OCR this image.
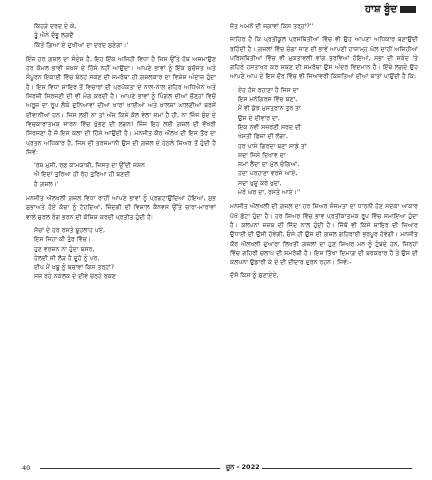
ਹਾਸ਼ ਬੂੰਦ
ਕਿਹੜੇ ਦਰਦ ਦੇ ਕੇ,
ਤੂੰ ਐਨੇ ਦੰਭੂ ਲਗਦੈਂ
ਕਿੱਤੇ ਗ਼ਿਆ ਏ ਦੁਖੀਆਂ ਦਾ ਦਰਦ ਸੁਣੇਗਾ।'

ਇੰਜ ਹਰ ਗ਼ਜ਼ਲ ਦਾ ਸੰਦੇਸ਼ ਹੈ, ਇਹ ਇੱਕ ਅਜਿਹੀ ਵਿਧਾ ਹੈ ਜਿਸ ਉੱਤੇ ਹੱਥ ਅਜ਼ਮਾਉਣ ਹਰ ਕੋਮਲ ਭਾਵੀ ਸ਼ਖ਼ਸ ਦੇ ਹਿੱਸੇ ਨਹੀਂ ਆਉਂਦਾ। ਆਪਣੇ ਭਾਵਾਂ ਨੂੰ ਇੱਕ ਸੁਚੱਜਤ ਅਤੇ ਸੰਪੂਰਨ ਇਕਾਈ ਵਿੱਚ ਬੰਨ੍ਹ ਸਕਣ ਦੀ ਸਮਰੱਥਾ ਹੀ ਗ਼ਜ਼ਲਕਾਰ ਦਾ ਵਿਸ਼ੇਸ਼ ਅੰਦਾਜ਼ ਹੁੰਦਾ ਹੈ। ਇਸ ਵਿਧਾ ਸ਼ਾਇਰ ਤੋਂ ਵਿਚਾਰਾਂ ਦੀ ਪ੍ਰਪੱਕਤਾ ਦੇ ਨਾਲ-ਨਾਲ ਗਹਿਰ ਅਧਿਐਨ ਅਤੇ ਸਿਰਜ਼ੀ ਸਿਰਜਣੀ ਦੀ ਵੀ ਮੰਗ ਕਰਦੀ ਹੈ। ਆਪਣੇ ਭਾਵਾਂ ਨੂੰ ਪਿੰਗਲ ਦੀਆਂ ਚੌਣ੍ਹਾਂ ਵਿਚੋਂ ਅਰੂਜ਼ ਦਾ ਰੂਪ ਲੈਕੇ ਦੁਨਿਆਵਾਂ ਦੀਆਂ ਖਾਰਾਂ ਖਾਈਆਂ ਅਤੇ ਖਾਲਸਾ ਘਾਲਣੀਆਂ ਬਰਜੇਂ ਦੀਵਾਨੀਆਂ ਹਨ। ਜਿਸ ਲਈ ਨਾ ਤਾਂ ਅੱਜ ਕਿਸੇ ਕੋਲ ਵੇਲਾ ਸਮਾਂ ਹੈ ਹੀ, ਨਾ ਜਿੰਜ ਸੁੰਦ ਦੇ ਵਿਚਕਾਰਾਤਮਕ ਜਾਰਨ ਵਿੱਚ ਖੁੱਭਣ ਦੀ ਲਗਨ! ਜਿੰਜ ਇਹ ਲਈ ਗ਼ਜ਼ਲ ਦੀ ਵੱਖਰੀ ਸਿਰਜਣਾ ਹੈ ਜੋ ਇਸ ਕਲਾ ਦੀ ਹਿੱਸੇ ਆਉਂਦੀ ਹੈ। ਮਨਜੀਤ ਕੌਰ ਔਲਖ ਦੀ ਇਸ ਤੌਰ ਦਾ ਪ੍ਰਤਨ ਅਧਿਕਾਰ ਹੈ, ਜਿਸ ਦੀ ਤਰਜਮਾਨੀ ਉਸ ਦੀ ਗ਼ਜ਼ਲ ਦੇ ਹੇਠਲੇ ਸ਼ਿਅਰ ਤੋਂ ਹੁੰਦੀ ਹੈ ਜਿਵੇਂ:

'ਰਬ ਮੁਸੀ, ਰਫ਼ ਕਾਮਯਾਬੀ, ਜਿਸਤ ਦਾ ਉੱਦੀ ਜਸ਼ਨ
ਐ ਇਦਾਂ ਤੁਰਿਆ ਹੀ ਰੋਹ ਤੁਰਿਆ ਹੀ ਬਣਦੀ
ਹੈ ਗ਼ਜ਼ਲ।'

ਮਨਜੀਤ ਔਲਖਲੀ ਗ਼ਜ਼ਲ ਵਿਧਾ ਰਾਹੀਂ ਆਪਣੇ ਭਾਵਾਂ ਨੂੰ ਪ੍ਰਗਟਾਉਂਦਿਆਂ ਹੋਇਆਂ, ਸੁਭ ਸ਼ੁਭਾਅਤੇ ਹੋਏ ਕੱਚਾ ਨੂੰ ਟੋਹਦਿਆਂ, ਜ਼ਿੰਦਗੀ ਦੀ ਵਿਸ਼ਾਲ ਕੈਨਵਸ ਉੱਤੇ ਚਾਰਾ-ਮਾਰਾਵਾਂ ਵਾਲੇ ਸੁਰਲ ਰੰਗ ਭਰਨ ਦੀ ਕੋਸ਼ਿਸ਼ ਕਰਦੀ ਪ੍ਰਤੀਤ ਹੁੰਦੀ ਹੈ:

ਸੋਚਾਂ ਦੇ ਹਰ ਰਸਤੇ ਬੂਹਲਾਹ ਪਏ,
ਇਸ ਜਿਹਾ ਕੀ ਤੁੰਰ ਵਿੱਚ।
ਹੁਣ ਵਰਜ਼ਨ ਨਾ ਹੁੰਦਾ ਬਸਰ,
ਹੇਲਦੀ ਜੀ ਲੋੜ ਹੈ ਦੂਹੋ ਨੂੰ ਪਰ,
ਦੀਪ ਮੈਂ ਖ਼ਬੂ ਨੂੰ ਬਚਾਵਾਂ ਕਿਸ ਤਰ੍ਹਾਂ?
ਸਜ ਰਹੇ ਨਕਲਕ ਦੇ ਦੀਵੇ ਚਨ੍ਹੇ ਰਕਣ

ਜੋਤ ਅਮਨੋਂ ਦੀ ਜਗਾਵਾਂ ਕਿਸ ਤਰ੍ਹਾਂ?''

ਜਾਹਿਰ ਹੈ ਕਿ ਪ੍ਰਤੀਕੂਲ ਪ੍ਰਸਥਿਤੀਆਂ ਵਿੱਚ ਵੀ ਉਹ ਆਪਣਾ ਅਧਿਕਾਰ ਬਣਾਉਂਦੀ ਰਹਿੰਦੀ ਹੈ। ਗ਼ਜ਼ਲਾਂ ਵਿੱਚ ਚੰਗਾ ਜਾਣ ਦੀ ਭਾਵੇਂ ਆਪਣੀ ਹਾਜ਼ਾਮ੍ਹ ਘੱਲ ਦਾਹੀਂ ਅਜਿਹੀਆਂ ਪਰਿਸਥਿਤੀਆਂ ਵਿੱਚ ਵੀ ਮੁਕਤਾਵਲੀ ਵਾਂਗ ਤਰਵਿਆਂ ਹੋਇਆਂ, ਸਭਾ ਦੀ ਸਕੰਦ 'ਤੇ ਗਹਿਰੇ ਹਸਤਾਖਰ ਕਰ ਸਕਣ ਦੀ ਸਮਰੱਥਾ ਉਸ ਅੰਦਰ ਵਿਦਮਾਨ ਹੈ। ਇੱਥੇ ਲਗਦੇ ਉਹ ਆਪਣੇ ਆਪ ਦੇ ਇਸ ਦੌਰ ਵਿੱਚ ਵੀ ਜਿਆਵਰੀ ਕਿਸ਼ਤਿਆਂ ਦੀਆਂ ਬਾਤਾਂ ਪਾਉਂਦੀ ਹੈ ਕਿ:

ਏਹ ਹੱਸ ਰਹਾਣਾ ਹੈ ਜਿਸ ਦਾ
ਇਸ ਮਨੋਗਿਰਸ ਵਿੱਚ ਬਣਾ,
ਮੈਂ ਵੀ ਕੁੱਝ ਮੁਸਤ੍ਰਾਨ ਤੁਰ ਤਾਂ
ਉਸ ਦੇ ਦੀਵਾਰ ਦਾ,
ਇਕ ਨਵੀਂ ਸਜਰਣੀ ਸਰਦ ਦੀ
ਖੇਸਤੀ ਫਿਜ਼ਾ ਦੀ ਲੱਗਾ,
ਹਰ ਪਾਸੇ ਗਿਰਦਾ ਬਣਾ ਸਾਡੇ ਤਾਂ
ਸਦਾ ਜਿਸੇ ਦਿਖਾਵ ਦਾ
ਸਮਾਂ ਲੈਂਦਾ ਦਾ ਮੁੱਲ ਚੰਗਿਆਂ,
ਹਦਾ ਪਰਹਾਣਾ ਵਰਜੇ ਆਏ,
ਸਦਾ ਖ਼ੁਸ਼ੂ ਕਰੇ ਖੁਦਾ,
ਮੇਰੇ ਘਰ ਦਾ, ਰਸਤੇ ਆਏ।''

ਮਨਜੀਤ ਔਲਖਲੀ ਦੀ ਗ਼ਜ਼ਲ ਦਾ ਹਰ ਸ਼ਿਅਰ ਸੰਜਮਤਾ ਦਾ ਧਾਰਨੀ ਹੋਣ ਸਦਕਾ ਆਕਾਰ ਪੱਖੋਂ ਛੋਟਾ ਹੁੰਦਾ ਹੈ। ਹਰ ਸ਼ਿਅਰ ਵਿੱਚ ਭਾਵ ਪ੍ਰਤੀਕਾਤਮਕ ਰੂਪ ਵਿੱਚ ਸਮਾਇਆ ਹੁੰਦਾ ਹੈ। ਕਲਪਨਾ ਜ਼ਜ਼ਬ ਦੀ ਜਿੱਦ ਨਾਲ ਹੁੰਦੀ ਹੈ। ਜਿੱਥੋਂ ਵੀ ਕਿਸੇ ਸ਼ਾਇਰ ਦੀ ਜਿਆਰ ਉਧਾਈ ਦੀ ਉਸੀ ਹੋਵੇਗੀ, ਓਸੇ ਹੀ ਉਸ ਦੀ ਗ਼ਜ਼ਲ ਗਹਿਰਾਈ ਭਰਪੂਰ ਹੋਵੇਗੀ। ਮਨਜੀਤ ਕੌਰ ਔਲਖਲੀ ਦੁਆਰਾ ਲਿਖਤੀ ਗ਼ਜ਼ਲਾਂ ਦਾ ਹੁਣ ਸ਼ਿਅਰ ਮਨ ਨੂੰ ਟੁੰਬਦੇ ਹਨ, ਜਿਨ੍ਹਾਂ ਵਿੱਚ ਗਹਿਰੀ ਚਲਾਪ ਦੀ ਸਮਰੱਥੀ ਹੈ। ਇਸ ਤਿੱਖਾ ਦਿਮਾਗ਼ ਦੀ ਬਰਕਰਾਰ ਹੈ ਤੇ ਉਸ ਦੀ ਕਲਪਨਾ ਉਡਾਰੀ ਕੇ ਦੇ ਦੀ ਦੀਦਾਰ ਦੁਰਨ ਰਹਨ। ਜਿਵੇਂ:-

ਦੱਸੋ ਕਿਸ ਨੂੰ ਸੁਣਾਏਏ,

40	ਜੂਨ - 2022
